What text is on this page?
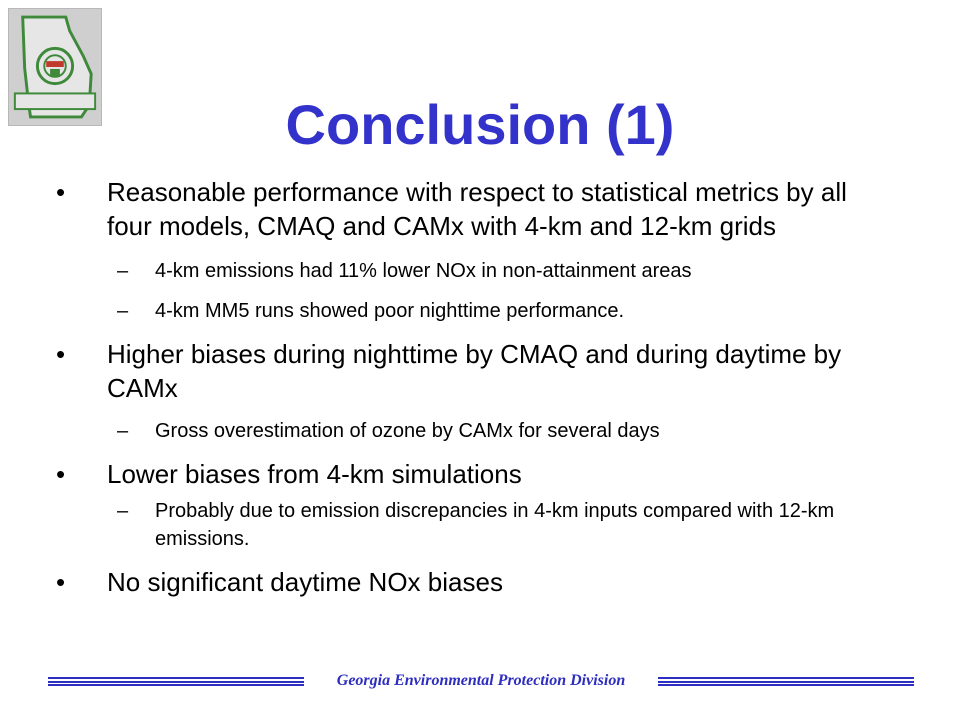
Conclusion (1)
• Reasonable performance with respect to statistical metrics by all four models, CMAQ and CAMx with 4-km and 12-km grids
– 4-km emissions had 11% lower NOx in non-attainment areas
– 4-km MM5 runs showed poor nighttime performance.
• Higher biases during nighttime by CMAQ and during daytime by CAMx
– Gross overestimation of ozone by CAMx for several days
• Lower biases from 4-km simulations
– Probably due to emission discrepancies in 4-km inputs compared with 12-km emissions.
• No significant daytime NOx biases
Georgia Environmental Protection Division
